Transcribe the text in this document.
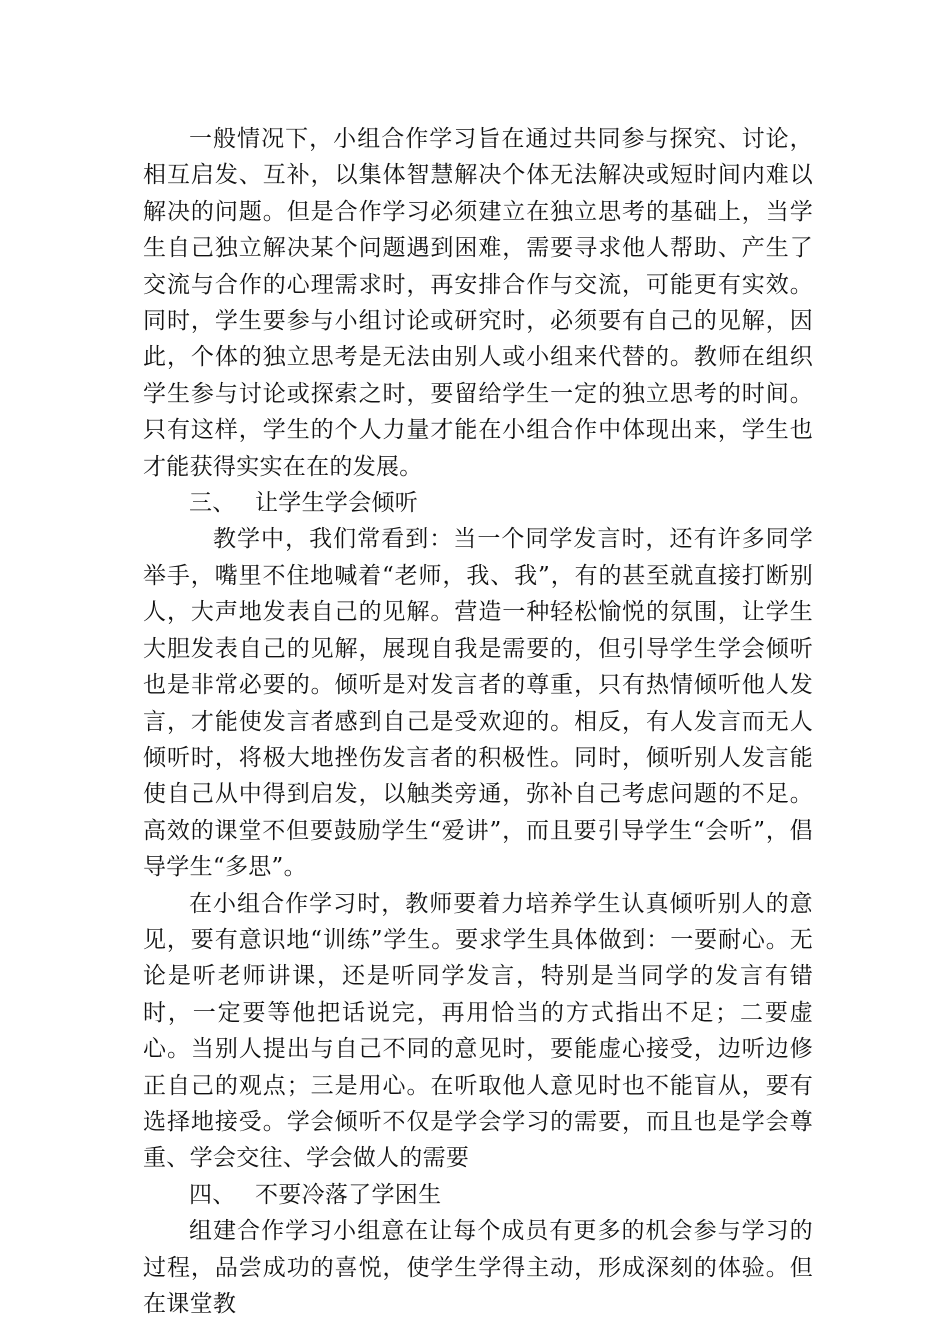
一般情况下，小组合作学习旨在通过共同参与探究、讨论，相互启发、互补，以集体智慧解决个体无法解决或短时间内难以解决的问题。但是合作学习必须建立在独立思考的基础上，当学生自己独立解决某个问题遇到困难，需要寻求他人帮助、产生了交流与合作的心理需求时，再安排合作与交流，可能更有实效。同时，学生要参与小组讨论或研究时，必须要有自己的见解，因此，个体的独立思考是无法由别人或小组来代替的。教师在组织学生参与讨论或探索之时，要留给学生一定的独立思考的时间。只有这样，学生的个人力量才能在小组合作中体现出来，学生也才能获得实实在在的发展。

三、 让学生学会倾听

教学中，我们常看到：当一个同学发言时，还有许多同学举手，嘴里不住地喊着“老师，我、我”，有的甚至就直接打断别人，大声地发表自己的见解。营造一种轻松愉悦的氛围，让学生大胆发表自己的见解，展现自我是需要的，但引导学生学会倾听也是非常必要的。倾听是对发言者的尊重，只有热情倾听他人发言，才能使发言者感到自己是受欢迎的。相反，有人发言而无人倾听时，将极大地挫伤发言者的积极性。同时，倾听别人发言能使自己从中得到启发，以触类旁通，弥补自己考虑问题的不足。高效的课堂不但要鼓励学生“爱讲”，而且要引导学生“会听”，倡导学生“多思”。

在小组合作学习时，教师要着力培养学生认真倾听别人的意见，要有意识地“训练”学生。要求学生具体做到：一要耐心。无论是听老师讲课，还是听同学发言，特别是当同学的发言有错时，一定要等他把话说完，再用恰当的方式指出不足；二要虚心。当别人提出与自己不同的意见时，要能虚心接受，边听边修正自己的观点；三是用心。在听取他人意见时也不能盲从，要有选择地接受。学会倾听不仅是学会学习的需要，而且也是学会尊重、学会交往、学会做人的需要

四、 不要冷落了学困生

组建合作学习小组意在让每个成员有更多的机会参与学习的过程，品尝成功的喜悦，使学生学得主动，形成深刻的体验。但在课堂教
